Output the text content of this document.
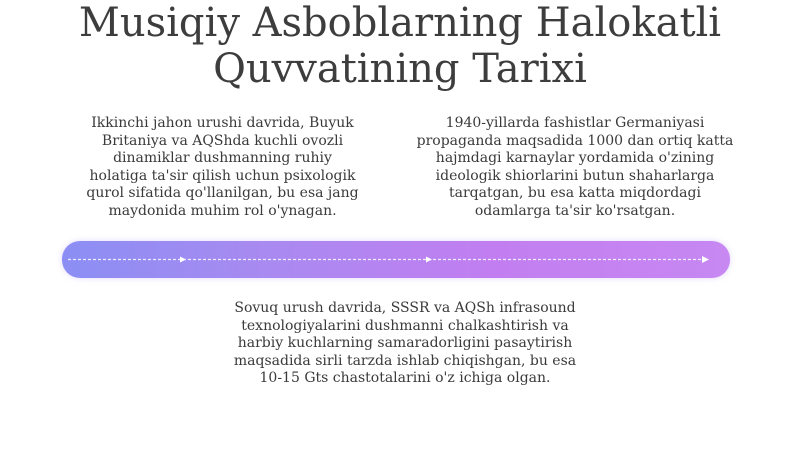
Musiqiy Asboblarning Halokatli
Quvvatining Tarixi
Ikkinchi jahon urushi davrida, Buyuk
Britaniya va AQShda kuchli ovozli
dinamiklar dushmanning ruhiy
holatiga ta'sir qilish uchun psixologik
qurol sifatida qo'llanilgan, bu esa jang
maydonida muhim rol o'ynagan.
1940-yillarda fashistlar Germaniyasi
propaganda maqsadida 1000 dan ortiq katta
hajmdagi karnaylar yordamida o'zining
ideologik shiorlarini butun shaharlarga
tarqatgan, bu esa katta miqdordagi
odamlarga ta'sir ko'rsatgan.
Sovuq urush davrida, SSSR va AQSh infrasound
texnologiyalarini dushmanni chalkashtirish va
harbiy kuchlarning samaradorligini pasaytirish
maqsadida sirli tarzda ishlab chiqishgan, bu esa
10-15 Gts chastotalarini o'z ichiga olgan.
